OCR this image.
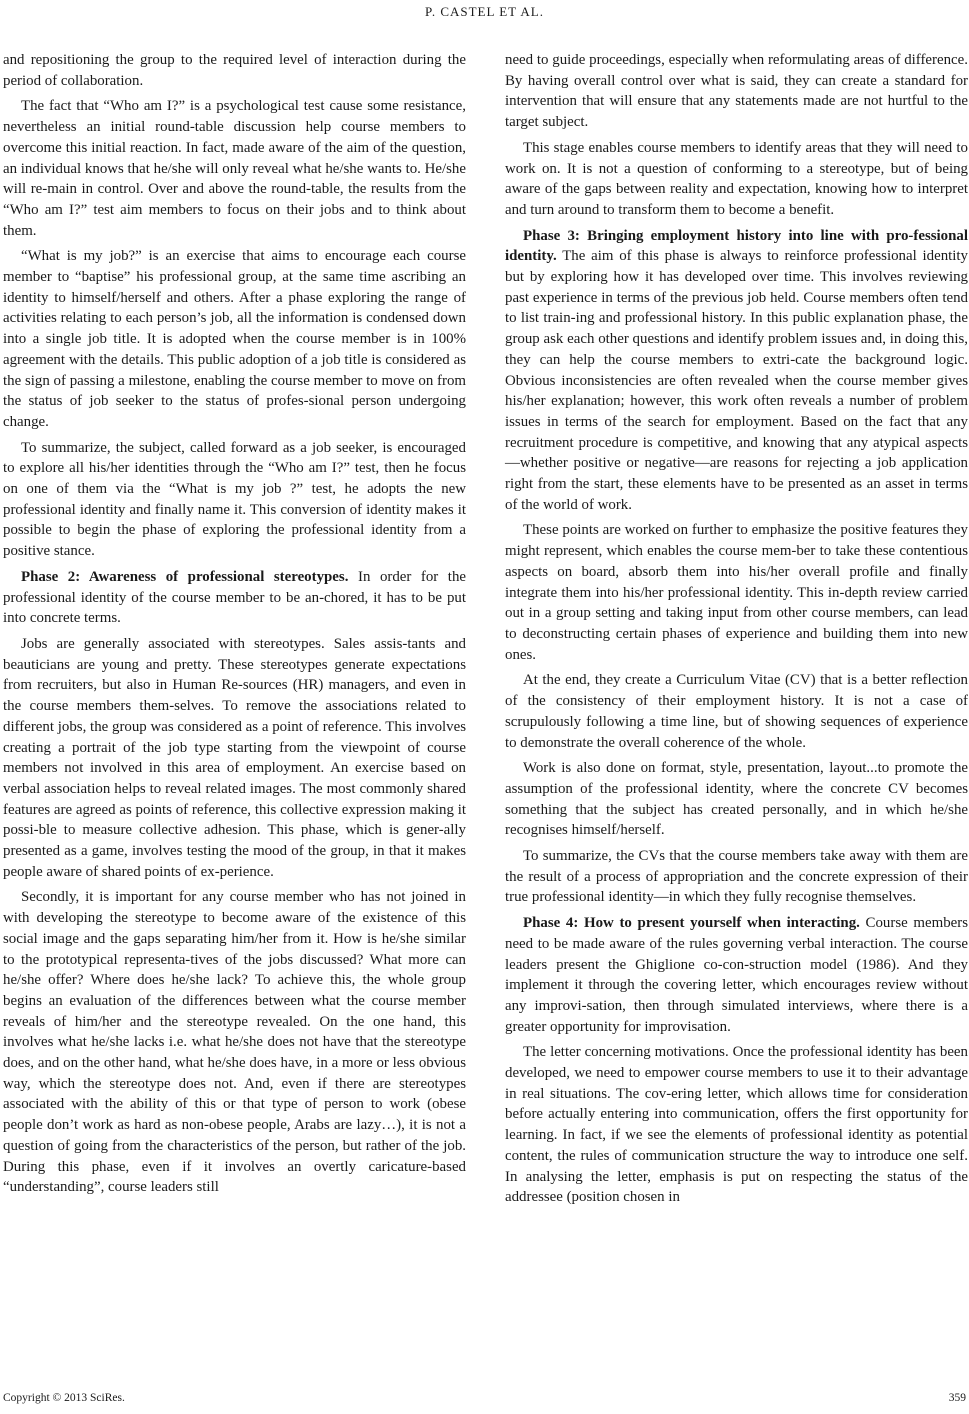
P. CASTEL ET AL.

and repositioning the group to the required level of interaction during the period of collaboration.

The fact that “Who am I?” is a psychological test cause some resistance, nevertheless an initial round-table discussion help course members to overcome this initial reaction. In fact, made aware of the aim of the question, an individual knows that he/she will only reveal what he/she wants to. He/she will re-main in control. Over and above the round-table, the results from the “Who am I?” test aim members to focus on their jobs and to think about them.

“What is my job?” is an exercise that aims to encourage each course member to “baptise” his professional group, at the same time ascribing an identity to himself/herself and others. After a phase exploring the range of activities relating to each person’s job, all the information is condensed down into a single job title. It is adopted when the course member is in 100% agreement with the details. This public adoption of a job title is considered as the sign of passing a milestone, enabling the course member to move on from the status of job seeker to the status of profes-sional person undergoing change.

To summarize, the subject, called forward as a job seeker, is encouraged to explore all his/her identities through the “Who am I?” test, then he focus on one of them via the “What is my job ?” test, he adopts the new professional identity and finally name it. This conversion of identity makes it possible to begin the phase of exploring the professional identity from a positive stance.

Phase 2: Awareness of professional stereotypes. In order for the professional identity of the course member to be an-chored, it has to be put into concrete terms.

Jobs are generally associated with stereotypes. Sales assis-tants and beauticians are young and pretty. These stereotypes generate expectations from recruiters, but also in Human Re-sources (HR) managers, and even in the course members them-selves. To remove the associations related to different jobs, the group was considered as a point of reference. This involves creating a portrait of the job type starting from the viewpoint of course members not involved in this area of employment. An exercise based on verbal association helps to reveal related images. The most commonly shared features are agreed as points of reference, this collective expression making it possi-ble to measure collective adhesion. This phase, which is gener-ally presented as a game, involves testing the mood of the group, in that it makes people aware of shared points of ex-perience.

Secondly, it is important for any course member who has not joined in with developing the stereotype to become aware of the existence of this social image and the gaps separating him/her from it. How is he/she similar to the prototypical representa-tives of the jobs discussed? What more can he/she offer? Where does he/she lack? To achieve this, the whole group begins an evaluation of the differences between what the course member reveals of him/her and the stereotype revealed. On the one hand, this involves what he/she lacks i.e. what he/she does not have that the stereotype does, and on the other hand, what he/she does have, in a more or less obvious way, which the stereotype does not. And, even if there are stereotypes associated with the ability of this or that type of person to work (obese people don’t work as hard as non-obese people, Arabs are lazy…), it is not a question of going from the characteristics of the person, but rather of the job. During this phase, even if it involves an overtly caricature-based “understanding”, course leaders still

need to guide proceedings, especially when reformulating areas of difference. By having overall control over what is said, they can create a standard for intervention that will ensure that any statements made are not hurtful to the target subject.

This stage enables course members to identify areas that they will need to work on. It is not a question of conforming to a stereotype, but of being aware of the gaps between reality and expectation, knowing how to interpret and turn around to transform them to become a benefit.

Phase 3: Bringing employment history into line with pro-fessional identity. The aim of this phase is always to reinforce professional identity but by exploring how it has developed over time. This involves reviewing past experience in terms of the previous job held. Course members often tend to list train-ing and professional history. In this public explanation phase, the group ask each other questions and identify problem issues and, in doing this, they can help the course members to extri-cate the background logic. Obvious inconsistencies are often revealed when the course member gives his/her explanation; however, this work often reveals a number of problem issues in terms of the search for employment. Based on the fact that any recruitment procedure is competitive, and knowing that any atypical aspects—whether positive or negative—are reasons for rejecting a job application right from the start, these elements have to be presented as an asset in terms of the world of work.

These points are worked on further to emphasize the positive features they might represent, which enables the course mem-ber to take these contentious aspects on board, absorb them into his/her overall profile and finally integrate them into his/her professional identity. This in-depth review carried out in a group setting and taking input from other course members, can lead to deconstructing certain phases of experience and building them into new ones.

At the end, they create a Curriculum Vitae (CV) that is a better reflection of the consistency of their employment history. It is not a case of scrupulously following a time line, but of showing sequences of experience to demonstrate the overall coherence of the whole.

Work is also done on format, style, presentation, layout...to promote the assumption of the professional identity, where the concrete CV becomes something that the subject has created personally, and in which he/she recognises himself/herself.

To summarize, the CVs that the course members take away with them are the result of a process of appropriation and the concrete expression of their true professional identity—in which they fully recognise themselves.

Phase 4: How to present yourself when interacting. Course members need to be made aware of the rules governing verbal interaction. The course leaders present the Ghiglione co-con-struction model (1986). And they implement it through the covering letter, which encourages review without any improvi-sation, then through simulated interviews, where there is a greater opportunity for improvisation.

The letter concerning motivations. Once the professional identity has been developed, we need to empower course members to use it to their advantage in real situations. The cov-ering letter, which allows time for consideration before actually entering into communication, offers the first opportunity for learning. In fact, if we see the elements of professional identity as potential content, the rules of communication structure the way to introduce one self. In analysing the letter, emphasis is put on respecting the status of the addressee (position chosen in

Copyright © 2013 SciRes.	359
